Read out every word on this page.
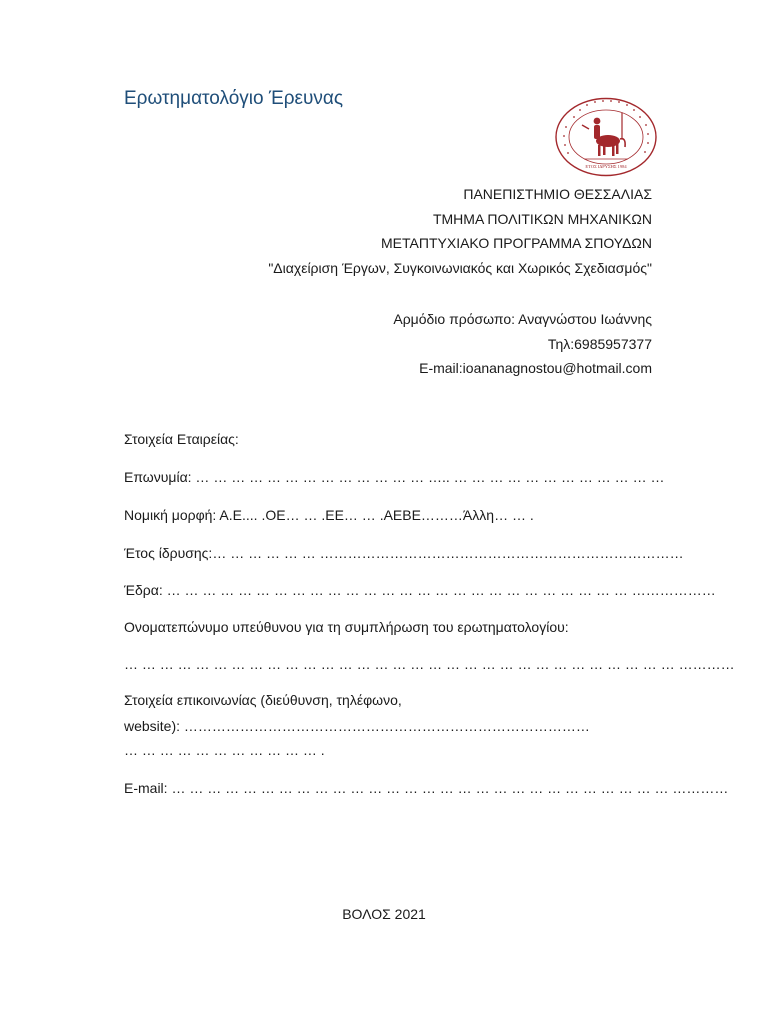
Ερωτηματολόγιο Έρευνας
ΕΤΟΣ ΙΔΡΥΣΗΣ 1984
ΠΑΝΕΠΙΣΤΗΜΙΟ ΘΕΣΣΑΛΙΑΣ
ΤΜΗΜΑ ΠΟΛΙΤΙΚΩΝ ΜΗΧΑΝΙΚΩΝ
ΜΕΤΑΠΤΥΧΙΑΚΟ ΠΡΟΓΡΑΜΜΑ ΣΠΟΥΔΩΝ
"Διαχείριση Έργων, Συγκοινωνιακός και Χωρικός Σχεδιασμός"
Αρμόδιο πρόσωπο: Αναγνώστου Ιωάννης
Τηλ:6985957377
E-mail:ioananagnostou@hotmail.com
Στοιχεία Εταιρείας:
Επωνυμία: … … … … … … … … … … … … … ….. … … … … … … … … … … … …
Νομική μορφή: Α.Ε.... .ΟΕ… … .ΕΕ… … .ΑΕΒΕ………Άλλη… … .
Έτος ίδρυσης:… … … … … … ……………………………………………………………………
Έδρα: … … … … … … … … … … … … … … … … … … … … … … … … … … ………………
Ονοματεπώνυμο υπεύθυνου για τη συμπλήρωση του ερωτηματολογίου:
… … … … … … … … … … … … … … … … … … … … … … … … … … … … … … … …………
Στοιχεία επικοινωνίας (διεύθυνση, τηλέφωνο,
website): ……………………………………………………………………………
… … … … … … … … … … … .
E-mail: … … … … … … … … … … … … … … … … … … … … … … … … … … … … …………
ΒΟΛΟΣ 2021
